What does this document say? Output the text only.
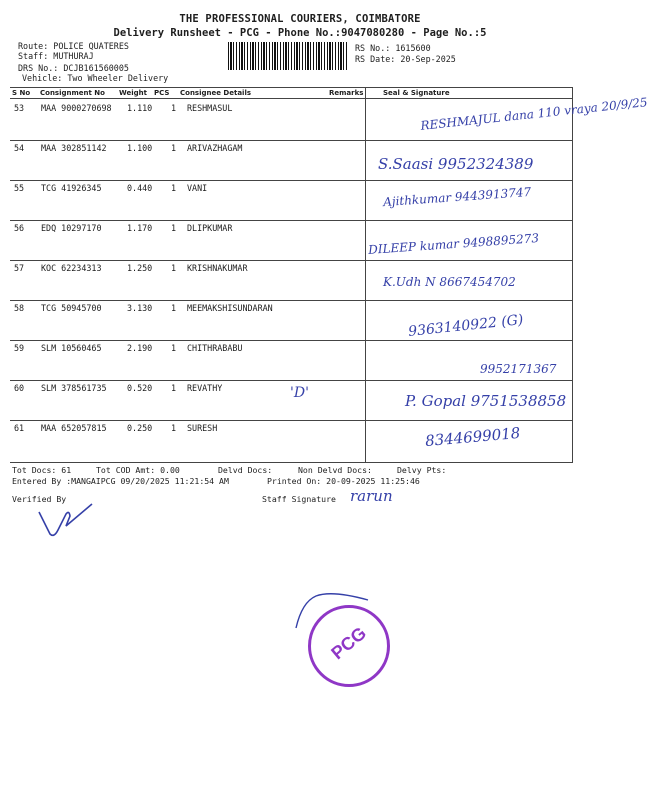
THE PROFESSIONAL COURIERS, COIMBATORE
Delivery Runsheet - PCG - Phone No.:9047080280 - Page No.:5
Route: POLICE QUATERES
Staff: MUTHURAJ
DRS No.: DCJB161560005
Vehicle: Two Wheeler Delivery
RS No.: 1615600
RS Date: 20-Sep-2025
S No Consignment No Weight PCS Consignee Details	Remarks	Seal & Signature
53 MAA 9000270698 1.110 1 RESHMASUL	RESHMAJUL dana 110 vraya 20/9/25
54 MAA 302851142 1.100 1 ARIVAZHAGAM
S.Saasi 9952324389
55 TCG 41926345	0.440 1 VANI	Ajithkumar 9443913747
56 EDQ 10297170	1.170 1 DLIPKUMAR
DILEEP kumar 9498895273
57 KOC 62234313	1.250 1 KRISHNAKUMAR
K.Udh N 8667454702
58 TCG 50945700	3.130 1 MEEMAKSHISUNDARAN
9363140922 (G)
59 SLM 10560465	2.190 1 CHITHRABABU
9952171367
60 SLM 378561735 0.520 1 REVATHY	'D'	P. Gopal 9751538858
61 MAA 652057815 0.250 1 SURESH	8344699018
Tot Docs: 61	Tot COD Amt: 0.00	Delvd Docs:	Non Delvd Docs:	Delvy Pts:
Entered By :MANGAIPCG 09/20/2025 11:21:54 AM	Printed On: 20-09-2025 11:25:46
Verified By	Staff Signature rarun
PCG
